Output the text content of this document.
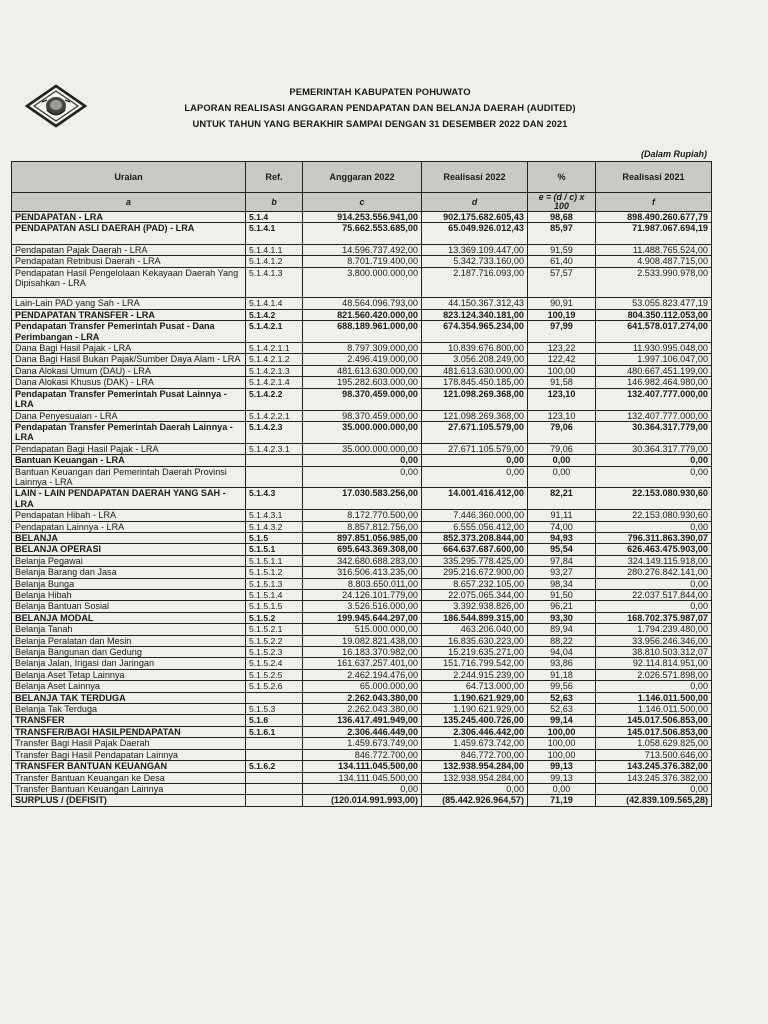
PEMERINTAH KABUPATEN POHUWATO
LAPORAN REALISASI ANGGARAN PENDAPATAN DAN BELANJA DAERAH (AUDITED)
UNTUK TAHUN YANG BERAKHIR SAMPAI DENGAN 31 DESEMBER 2022 DAN 2021
(Dalam Rupiah)
Uraian	Ref.	Anggaran 2022	Realisasi 2022	%	Realisasi 2021
a	b	c	d	e = (d / c) x 100	f
PENDAPATAN - LRA	5.1.4	914.253.556.941,00	902.175.682.605,43	98,68	898.490.260.677,79
PENDAPATAN ASLI DAERAH (PAD) - LRA	5.1.4.1	75.662.553.685,00	65.049.926.012,43	85,97	71.987.067.694,19
Pendapatan Pajak Daerah - LRA	5.1.4.1.1	14.596.737.492,00	13.369.109.447,00	91,59	11.488.765.524,00
Pendapatan Retribusi Daerah - LRA	5.1.4.1.2	8.701.719.400,00	5.342.733.160,00	61,40	4.908.487.715,00
Pendapatan Hasil Pengelolaan Kekayaan Daerah Yang Dipisahkan - LRA	5.1.4.1.3	3.800.000.000,00	2.187.716.093,00	57,57	2.533.990.978,00
Lain-Lain PAD yang Sah - LRA	5.1.4.1.4	48.564.096.793,00	44.150.367.312,43	90,91	53.055.823.477,19
PENDAPATAN TRANSFER - LRA	5.1.4.2	821.560.420.000,00	823.124.340.181,00	100,19	804.350.112.053,00
Pendapatan Transfer Pemerintah Pusat - Dana Perimbangan - LRA	5.1.4.2.1	688.189.961.000,00	674.354.965.234,00	97,99	641.578.017.274,00
Dana Bagi Hasil Pajak - LRA	5.1.4.2.1.1	8.797.309.000,00	10.839.676.800,00	123,22	11.930.995.048,00
Dana Bagi Hasil Bukan Pajak/Sumber Daya Alam - LRA	5.1.4.2.1.2	2.496.419.000,00	3.056.208.249,00	122,42	1.997.106.047,00
Dana Alokasi Umum (DAU) - LRA	5.1.4.2.1.3	481.613.630.000,00	481.613.630.000,00	100,00	480.667.451.199,00
Dana Alokasi Khusus (DAK) - LRA	5.1.4.2.1.4	195.282.603.000,00	178.845.450.185,00	91,58	146.982.464.980,00
Pendapatan Transfer Pemerintah Pusat Lainnya - LRA	5.1.4.2.2	98.370.459.000,00	121.098.269.368,00	123,10	132.407.777.000,00
Dana Penyesuaian - LRA	5.1.4.2.2.1	98.370.459.000,00	121.098.269.368,00	123,10	132.407.777.000,00
Pendapatan Transfer Pemerintah Daerah Lainnya - LRA	5.1.4.2.3	35.000.000.000,00	27.671.105.579,00	79,06	30.364.317.779,00
Pendapatan Bagi Hasil Pajak - LRA	5.1.4.2.3.1	35.000.000.000,00	27.671.105.579,00	79,06	30.364.317.779,00
Bantuan Keuangan - LRA		0,00	0,00	0,00	0,00
Bantuan Keuangan dari Pemerintah Daerah Provinsi Lainnya - LRA		0,00	0,00	0,00	0,00
LAIN - LAIN PENDAPATAN DAERAH YANG SAH - LRA	5.1.4.3	17.030.583.256,00	14.001.416.412,00	82,21	22.153.080.930,60
Pendapatan Hibah - LRA	5.1.4.3.1	8.172.770.500,00	7.446.360.000,00	91,11	22.153.080.930,60
Pendapatan Lainnya - LRA	5.1.4.3.2	8.857.812.756,00	6.555.056.412,00	74,00	0,00
BELANJA	5.1.5	897.851.056.985,00	852.373.208.844,00	94,93	796.311.863.390,07
BELANJA OPERASI	5.1.5.1	695.643.369.308,00	664.637.687.600,00	95,54	626.463.475.903,00
Belanja Pegawai	5.1.5.1.1	342.680.688.283,00	335.295.778.425,00	97,84	324.149.115.918,00
Belanja Barang dan Jasa	5.1.5.1.2	316.506.413.235,00	295.216.672.900,00	93,27	280.276.842.141,00
Belanja Bunga	5.1.5.1.3	8.803.650.011,00	8.657.232.105,00	98,34	0,00
Belanja Hibah	5.1.5.1.4	24.126.101.779,00	22.075.065.344,00	91,50	22.037.517.844,00
Belanja Bantuan Sosial	5.1.5.1.5	3.526.516.000,00	3.392.938.826,00	96,21	0,00
BELANJA MODAL	5.1.5.2	199.945.644.297,00	186.544.899.315,00	93,30	168.702.375.987,07
Belanja Tanah	5.1.5.2.1	515.000.000,00	463.206.040,00	89,94	1.794.239.480,00
Belanja Peralatan dan Mesin	5.1.5.2.2	19.082.821.438,00	16.835.630.223,00	88,22	33.956.246.346,00
Belanja Bangunan dan Gedung	5.1.5.2.3	16.183.370.982,00	15.219.635.271,00	94,04	38.810.503.312,07
Belanja Jalan, Irigasi dan Jaringan	5.1.5.2.4	161.637.257.401,00	151.716.799.542,00	93,86	92.114.814.951,00
Belanja Aset Tetap Lainnya	5.1.5.2.5	2.462.194.476,00	2.244.915.239,00	91,18	2.026.571.898,00
Belanja Aset Lainnya	5.1.5.2.6	65.000.000,00	64.713.000,00	99,56	0,00
BELANJA TAK TERDUGA		2.262.043.380,00	1.190.621.929,00	52,63	1.146.011.500,00
Belanja Tak Terduga	5.1.5.3	2.262.043.380,00	1.190.621.929,00	52,63	1.146.011.500,00
TRANSFER	5.1.6	136.417.491.949,00	135.245.400.726,00	99,14	145.017.506.853,00
TRANSFER/BAGI HASILPENDAPATAN	5.1.6.1	2.306.446.449,00	2.306.446.442,00	100,00	145.017.506.853,00
Transfer Bagi Hasil Pajak Daerah		1.459.673.749,00	1.459.673.742,00	100,00	1.058.629.825,00
Transfer Bagi Hasil Pendapatan Lainnya		846.772.700,00	846.772.700,00	100,00	713.500.646,00
TRANSFER BANTUAN KEUANGAN	5.1.6.2	134.111.045.500,00	132.938.954.284,00	99,13	143.245.376.382,00
Transfer Bantuan Keuangan ke Desa		134.111.045.500,00	132.938.954.284,00	99,13	143.245.376.382,00
Transfer Bantuan Keuangan Lainnya		0,00	0,00	0,00	0,00
SURPLUS / (DEFISIT)		(120.014.991.993,00)	(85.442.926.964,57)	71,19	(42.839.109.565,28)
